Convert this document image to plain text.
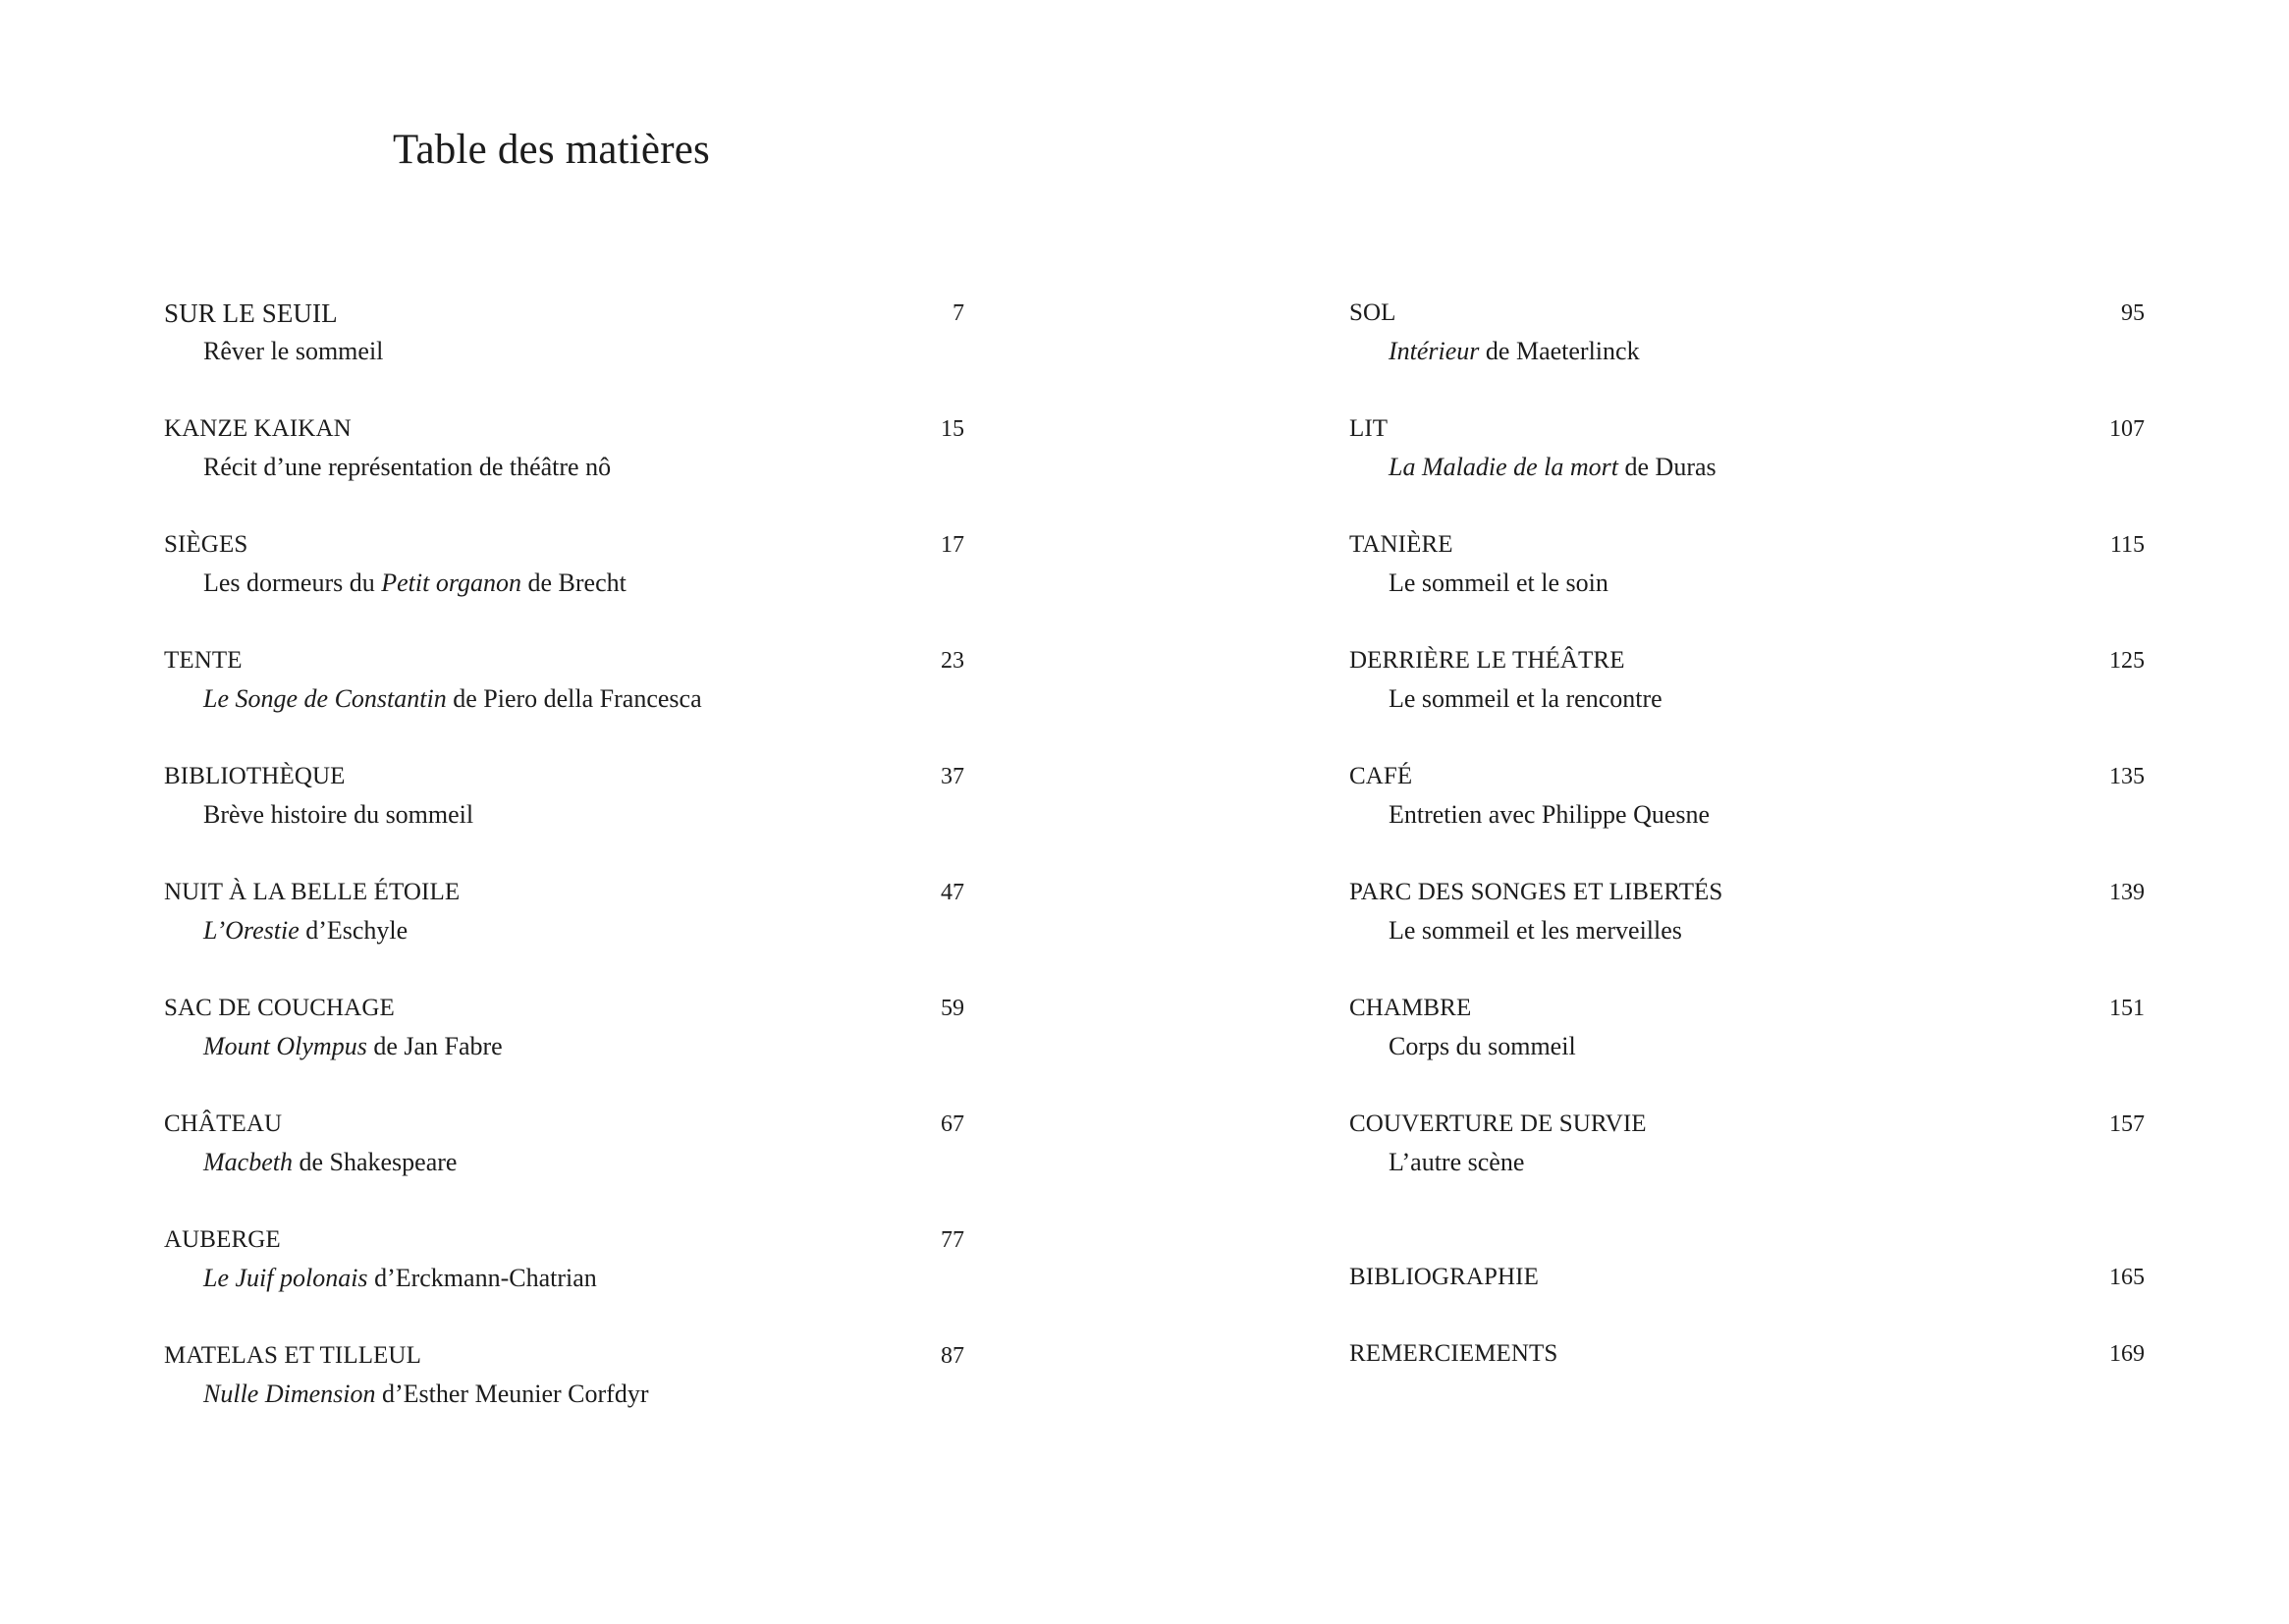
Table des matières
SUR LE SEUIL	7
Rêver le sommeil
KANZE KAIKAN	15
Récit d’une représentation de théâtre nô
SIÈGES	17
Les dormeurs du Petit organon de Brecht
TENTE	23
Le Songe de Constantin de Piero della Francesca
BIBLIOTHÈQUE	37
Brève histoire du sommeil
NUIT À LA BELLE ÉTOILE	47
L’Orestie d’Eschyle
SAC DE COUCHAGE	59
Mount Olympus de Jan Fabre
CHÂTEAU	67
Macbeth de Shakespeare
AUBERGE	77
Le Juif polonais d’Erckmann-Chatrian
MATELAS ET TILLEUL	87
Nulle Dimension d’Esther Meunier Corfdyr
SOL	95
Intérieur de Maeterlinck
LIT	107
La Maladie de la mort de Duras
TANIÈRE	115
Le sommeil et le soin
DERRIÈRE LE THÉÂTRE	125
Le sommeil et la rencontre
CAFÉ	135
Entretien avec Philippe Quesne
PARC DES SONGES ET LIBERTÉS	139
Le sommeil et les merveilles
CHAMBRE	151
Corps du sommeil
COUVERTURE DE SURVIE	157
L’autre scène
BIBLIOGRAPHIE	165
REMERCIEMENTS	169
